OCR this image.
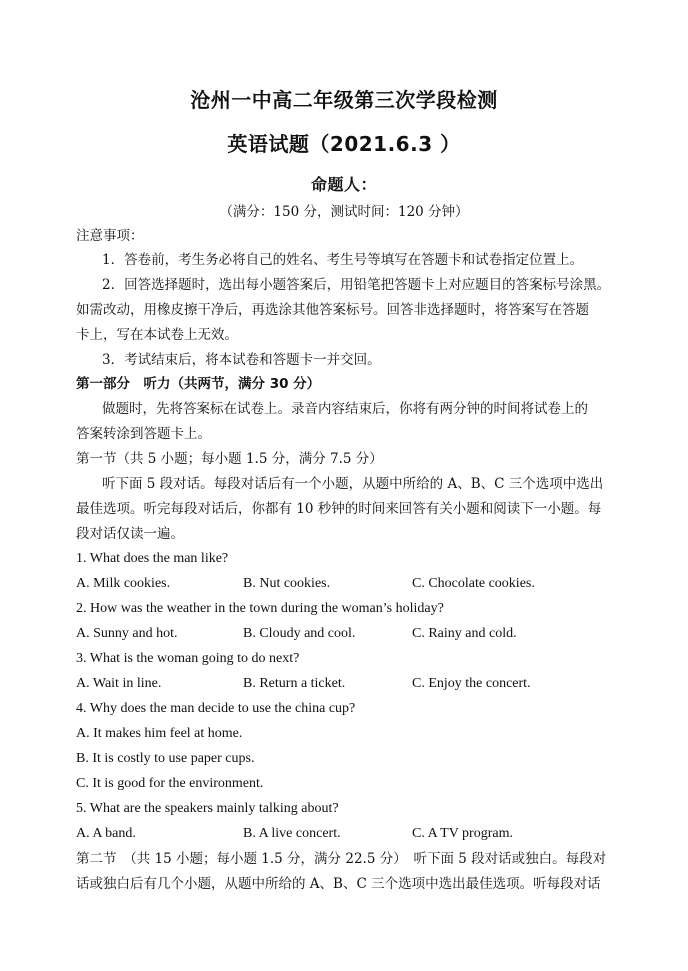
沧州一中高二年级第三次学段检测
英语试题（2021.6.3 ）
命题人：
（满分：150 分，测试时间：120 分钟）
注意事项：
1．答卷前，考生务必将自己的姓名、考生号等填写在答题卡和试卷指定位置上。
2．回答选择题时，选出每小题答案后，用铅笔把答题卡上对应题目的答案标号涂黑。
如需改动，用橡皮擦干净后，再选涂其他答案标号。回答非选择题时，将答案写在答题
卡上，写在本试卷上无效。
3．考试结束后，将本试卷和答题卡一并交回。
第一部分　听力（共两节，满分 30 分）
做题时，先将答案标在试卷上。录音内容结束后，你将有两分钟的时间将试卷上的
答案转涂到答题卡上。
第一节（共 5 小题；每小题 1.5 分，满分 7.5 分）
听下面 5 段对话。每段对话后有一个小题，从题中所给的 A、B、C 三个选项中选出
最佳选项。听完每段对话后，你都有 10 秒钟的时间来回答有关小题和阅读下一小题。每
段对话仅读一遍。
1. What does the man like?
A. Milk cookies.	B. Nut cookies.	C. Chocolate cookies.
2. How was the weather in the town during the woman’s holiday?
A. Sunny and hot.	B. Cloudy and cool.	C. Rainy and cold.
3. What is the woman going to do next?
A. Wait in line.	B. Return a ticket.	C. Enjoy the concert.
4. Why does the man decide to use the china cup?
A. It makes him feel at home.
B. It is costly to use paper cups.
C. It is good for the environment.
5. What are the speakers mainly talking about?
A. A band.	B. A live concert.	C. A TV program.
第二节　（共 15 小题；每小题 1.5 分，满分 22.5 分）　听下面 5 段对话或独白。每段对
话或独白后有几个小题，从题中所给的 A、B、C 三个选项中选出最佳选项。听每段对话
